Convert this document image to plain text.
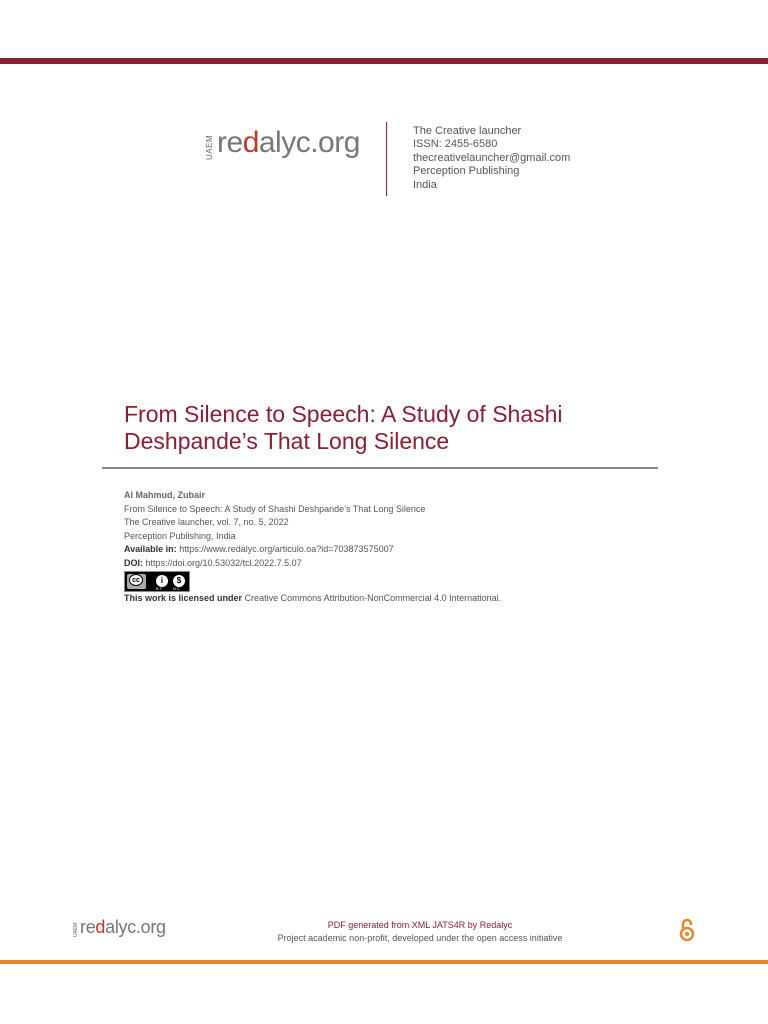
UAEM redalyc.org	The Creative launcher
ISSN: 2455-6580
thecreativelauncher@gmail.com
Perception Publishing
India
From Silence to Speech: A Study of Shashi
Deshpande’s That Long Silence
Al Mahmud, Zubair
From Silence to Speech: A Study of Shashi Deshpande’s That Long Silence
The Creative launcher, vol. 7, no. 5, 2022
Perception Publishing, India
Available in: https://www.redalyc.org/articulo.oa?id=703873575007
DOI: https://doi.org/10.53032/tcl.2022.7.5.07
cc	i	$
BY NC
This work is licensed under Creative Commons Attribution-NonCommercial 4.0 International.
UAEM redalyc.org	PDF generated from XML JATS4R by Redalyc
Project academic non-profit, developed under the open access initiative
